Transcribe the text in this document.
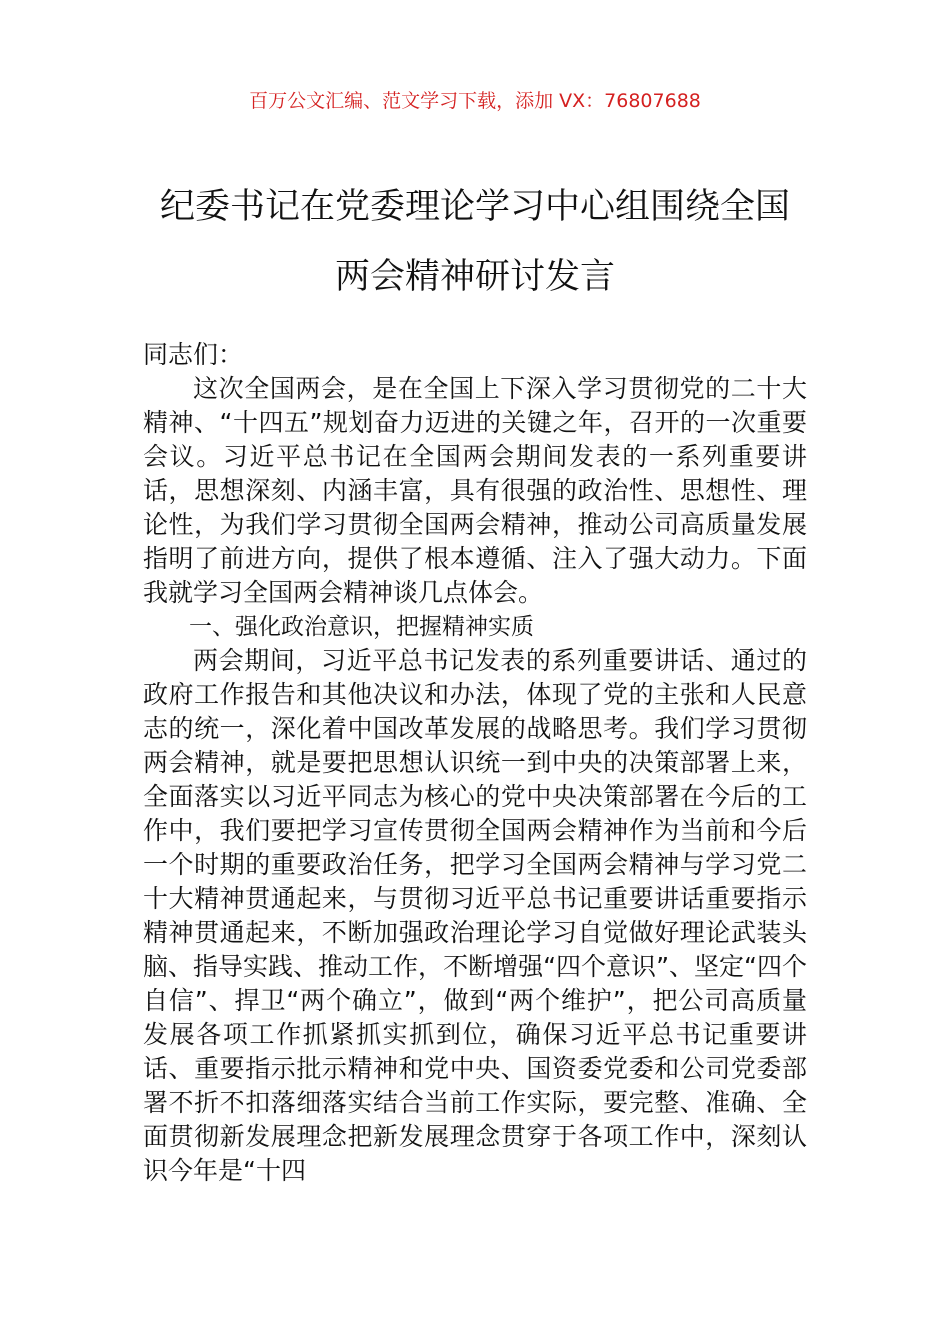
百万公文汇编、范文学习下载，添加 VX：76807688
纪委书记在党委理论学习中心组围绕全国
两会精神研讨发言

同志们：

这次全国两会，是在全国上下深入学习贯彻党的二十大精神、“十四五”规划奋力迈进的关键之年，召开的一次重要会议。习近平总书记在全国两会期间发表的一系列重要讲话，思想深刻、内涵丰富，具有很强的政治性、思想性、理论性，为我们学习贯彻全国两会精神，推动公司高质量发展指明了前进方向，提供了根本遵循、注入了强大动力。下面我就学习全国两会精神谈几点体会。

一、强化政治意识，把握精神实质

两会期间，习近平总书记发表的系列重要讲话、通过的政府工作报告和其他决议和办法，体现了党的主张和人民意志的统一，深化着中国改革发展的战略思考。我们学习贯彻两会精神，就是要把思想认识统一到中央的决策部署上来，全面落实以习近平同志为核心的党中央决策部署在今后的工作中，我们要把学习宣传贯彻全国两会精神作为当前和今后一个时期的重要政治任务，把学习全国两会精神与学习党二十大精神贯通起来，与贯彻习近平总书记重要讲话重要指示精神贯通起来，不断加强政治理论学习自觉做好理论武装头脑、指导实践、推动工作，不断增强“四个意识”、坚定“四个自信”、捍卫“两个确立”，做到“两个维护”，把公司高质量发展各项工作抓紧抓实抓到位，确保习近平总书记重要讲话、重要指示批示精神和党中央、国资委党委和公司党委部署不折不扣落细落实结合当前工作实际，要完整、准确、全面贯彻新发展理念把新发展理念贯穿于各项工作中，深刻认识今年是“十四
